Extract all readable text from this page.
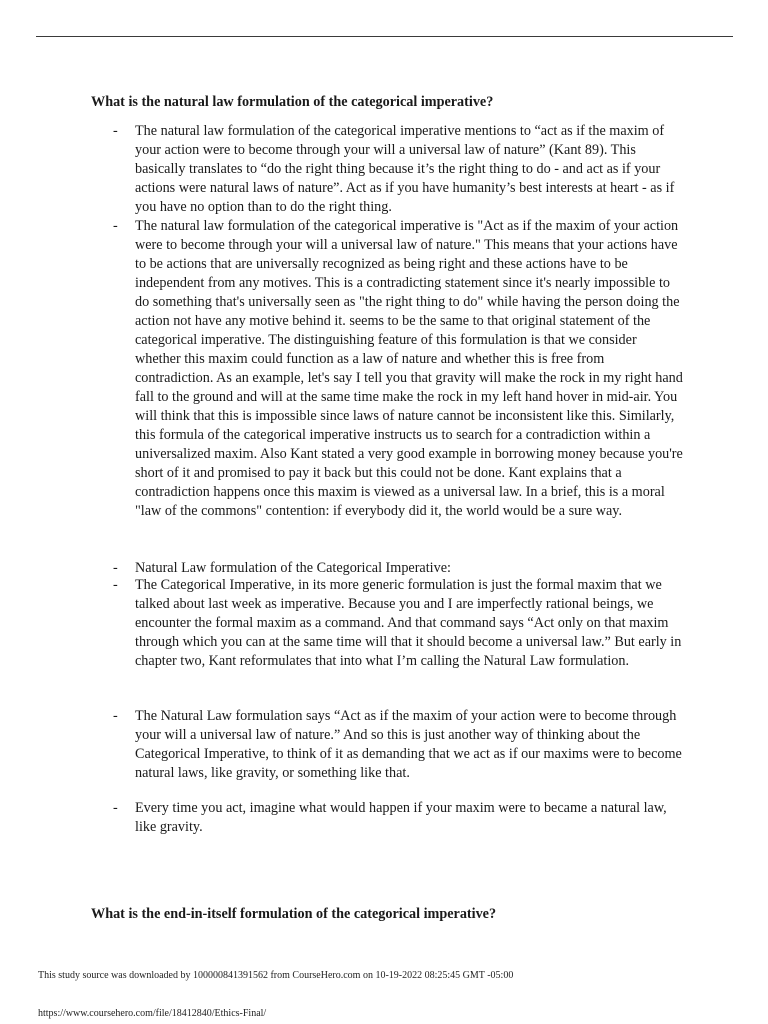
What is the natural law formulation of the categorical imperative?
-	The natural law formulation of the categorical imperative mentions to “act as if the maxim of your action were to become through your will a universal law of nature” (Kant 89). This basically translates to “do the right thing because it’s the right thing to do - and act as if your actions were natural laws of nature”. Act as if you have humanity’s best interests at heart - as if you have no option than to do the right thing.
-	The natural law formulation of the categorical imperative is "Act as if the maxim of your action were to become through your will a universal law of nature." This means that your actions have to be actions that are universally recognized as being right and these actions have to be independent from any motives. This is a contradicting statement since it's nearly impossible to do something that's universally seen as "the right thing to do" while having the person doing the action not have any motive behind it. seems to be the same to that original statement of the categorical imperative. The distinguishing feature of this formulation is that we consider whether this maxim could function as a law of nature and whether this is free from contradiction. As an example, let's say I tell you that gravity will make the rock in my right hand fall to the ground and will at the same time make the rock in my left hand hover in mid-air. You will think that this is impossible since laws of nature cannot be inconsistent like this. Similarly, this formula of the categorical imperative instructs us to search for a contradiction within a universalized maxim. Also Kant stated a very good example in borrowing money because you're short of it and promised to pay it back but this could not be done. Kant explains that a contradiction happens once this maxim is viewed as a universal law. In a brief, this is a moral "law of the commons" contention: if everybody did it, the world would be a sure way.
-	Natural Law formulation of the Categorical Imperative:
-	The Categorical Imperative, in its more generic formulation is just the formal maxim that we talked about last week as imperative. Because you and I are imperfectly rational beings, we encounter the formal maxim as a command. And that command says “Act only on that maxim through which you can at the same time will that it should become a universal law.” But early in chapter two, Kant reformulates that into what I’m calling the Natural Law formulation.
-	The Natural Law formulation says “Act as if the maxim of your action were to become through your will a universal law of nature.” And so this is just another way of thinking about the Categorical Imperative, to think of it as demanding that we act as if our maxims were to become natural laws, like gravity, or something like that.
-	Every time you act, imagine what would happen if your maxim were to became a natural law, like gravity.
What is the end-in-itself formulation of the categorical imperative?
This study source was downloaded by 100000841391562 from CourseHero.com on 10-19-2022 08:25:45 GMT -05:00
https://www.coursehero.com/file/18412840/Ethics-Final/
